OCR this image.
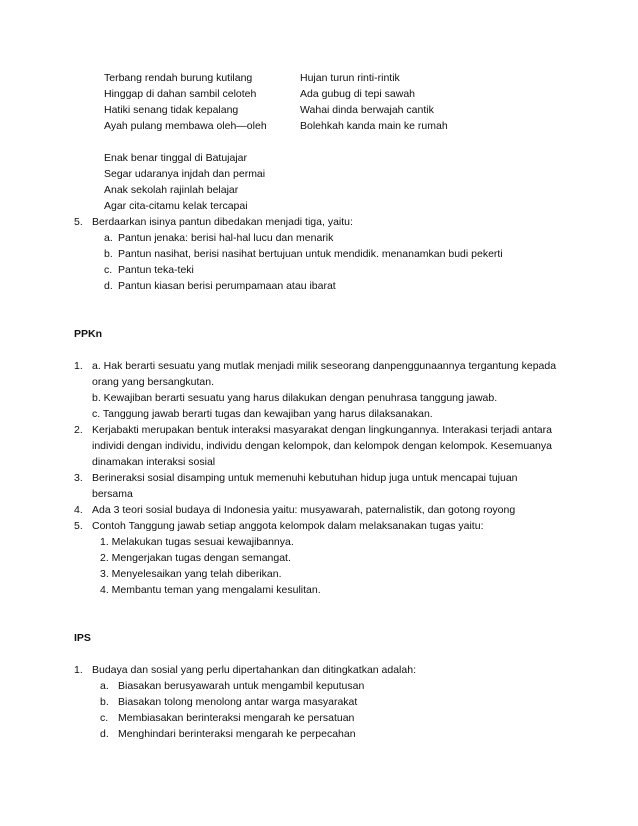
Terbang rendah burung kutilang
Hinggap di dahan sambil celoteh
Hatiki senang tidak kepalang
Ayah pulang membawa oleh—oleh
Hujan turun rinti-rintik
Ada gubug di tepi sawah
Wahai dinda berwajah cantik
Bolehkah kanda main ke rumah
Enak benar tinggal di Batujajar
Segar udaranya injdah dan permai
Anak sekolah rajinlah belajar
Agar cita-citamu kelak tercapai
5. Berdaarkan isinya pantun dibedakan menjadi tiga, yaitu:
a. Pantun jenaka: berisi hal-hal lucu dan menarik
b. Pantun nasihat, berisi nasihat bertujuan untuk mendidik. menanamkan budi pekerti
c. Pantun teka-teki
d. Pantun kiasan berisi perumpamaan atau ibarat
PPKn
1. a. Hak berarti sesuatu yang mutlak menjadi milik seseorang danpenggunaannya tergantung kepada
orang yang bersangkutan.
b. Kewajiban berarti sesuatu yang harus dilakukan dengan penuhrasa tanggung jawab.
c. Tanggung jawab berarti tugas dan kewajiban yang harus dilaksanakan.
2. Kerjabakti merupakan bentuk interaksi masyarakat dengan lingkungannya. Interakasi terjadi antara
individi dengan individu, individu dengan kelompok, dan kelompok dengan kelompok. Kesemuanya
dinamakan interaksi sosial
3. Berineraksi sosial disamping untuk memenuhi kebutuhan hidup juga untuk mencapai tujuan
bersama
4. Ada 3 teori sosial budaya di Indonesia yaitu: musyawarah, paternalistik, dan gotong royong
5. Contoh Tanggung jawab setiap anggota kelompok dalam melaksanakan tugas yaitu:
1. Melakukan tugas sesuai kewajibannya.
2. Mengerjakan tugas dengan semangat.
3. Menyelesaikan yang telah diberikan.
4. Membantu teman yang mengalami kesulitan.
IPS
1. Budaya dan sosial yang perlu dipertahankan dan ditingkatkan adalah:
a. Biasakan berusyawarah untuk mengambil keputusan
b. Biasakan tolong menolong antar warga masyarakat
c. Membiasakan berinteraksi mengarah ke persatuan
d. Menghindari berinteraksi mengarah ke perpecahan
